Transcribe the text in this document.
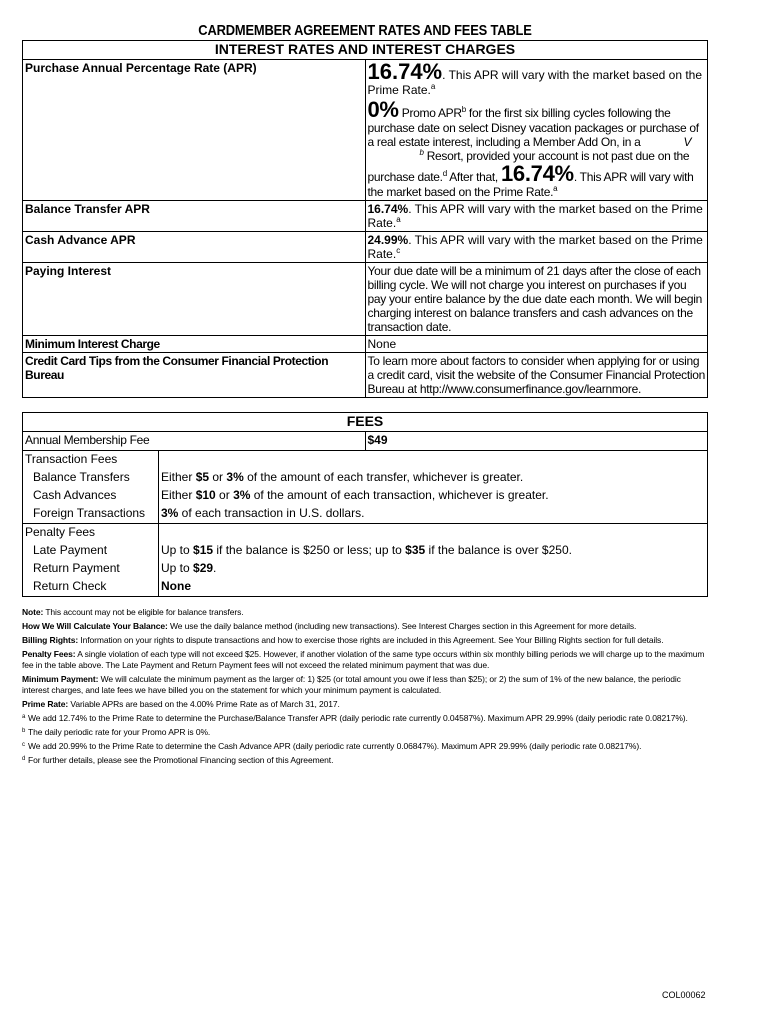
CARDMEMBER AGREEMENT RATES AND FEES TABLE
INTEREST RATES AND INTEREST CHARGES	
Purchase Annual Percentage Rate (APR)	16.74%. This APR will vary with the market based on the Prime Rate.$^a$
0% Promo APR$^b$ for the first six billing cycles following the purchase date on select Disney vacation packages or purchase of a real estate interest, including a Member Add On, in a $V^b$ Resort, provided your account is not past due on the purchase date.$^d$ After that, 16.74%. This APR will vary with the market based on the Prime Rate.$^a$

Balance Transfer APR	16.74%. This APR will vary with the market based on the Prime Rate.$^a$
Cash Advance APR	24.99%. This APR will vary with the market based on the Prime Rate.$^c$
Paying Interest	Your due date will be a minimum of 21 days after the close of each billing cycle. We will not charge you interest on purchases if you pay your entire balance by the due date each month. We will begin charging interest on balance transfers and cash advances on the transaction date.
Minimum Interest Charge	None
Credit Card Tips from the Consumer Financial Protection Bureau	To learn more about factors to consider when applying for or using a credit card, visit the website of the Consumer Financial Protection Bureau at http://www.consumerfinance.gov/learnmore.
FEES
Annual Membership Fee	$49

Transaction Fees	
Balance Transfers	Either $5 or 3% of the amount of each transfer, whichever is greater.
Cash Advances	Either $10 or 3% of the amount of each transaction, whichever is greater.
Foreign Transactions	3% of each transaction in U.S. dollars.

Penalty Fees	
Late Payment	Up to $15 if the balance is $250 or less; up to $35 if the balance is over $250.
Return Payment	Up to $29.
Return Check	None

Note: This account may not be eligible for balance transfers.

How We Will Calculate Your Balance: We use the daily balance method (including new transactions). See Interest Charges section in this Agreement for more details.

Billing Rights: Information on your rights to dispute transactions and how to exercise those rights are included in this Agreement. See Your Billing Rights section for full details.

Penalty Fees: A single violation of each type will not exceed $25. However, if another violation of the same type occurs within six monthly billing periods we will charge up to the maximum fee in the table above. The Late Payment and Return Payment fees will not exceed the related minimum payment that was due.

Minimum Payment: We will calculate the minimum payment as the larger of: 1) $25 (or total amount you owe if less than $25); or 2) the sum of 1% of the new balance, the periodic interest charges, and late fees we have billed you on the statement for which your minimum payment is calculated.

Prime Rate: Variable APRs are based on the 4.00% Prime Rate as of March 31, 2017.

a We add 12.74% to the Prime Rate to determine the Purchase/Balance Transfer APR (daily periodic rate currently 0.04587%). Maximum APR 29.99% (daily periodic rate 0.08217%).

b The daily periodic rate for your Promo APR is 0%.

c We add 20.99% to the Prime Rate to determine the Cash Advance APR (daily periodic rate currently 0.06847%). Maximum APR 29.99% (daily periodic rate 0.08217%).

d For further details, please see the Promotional Financing section of this Agreement.

COL00062
